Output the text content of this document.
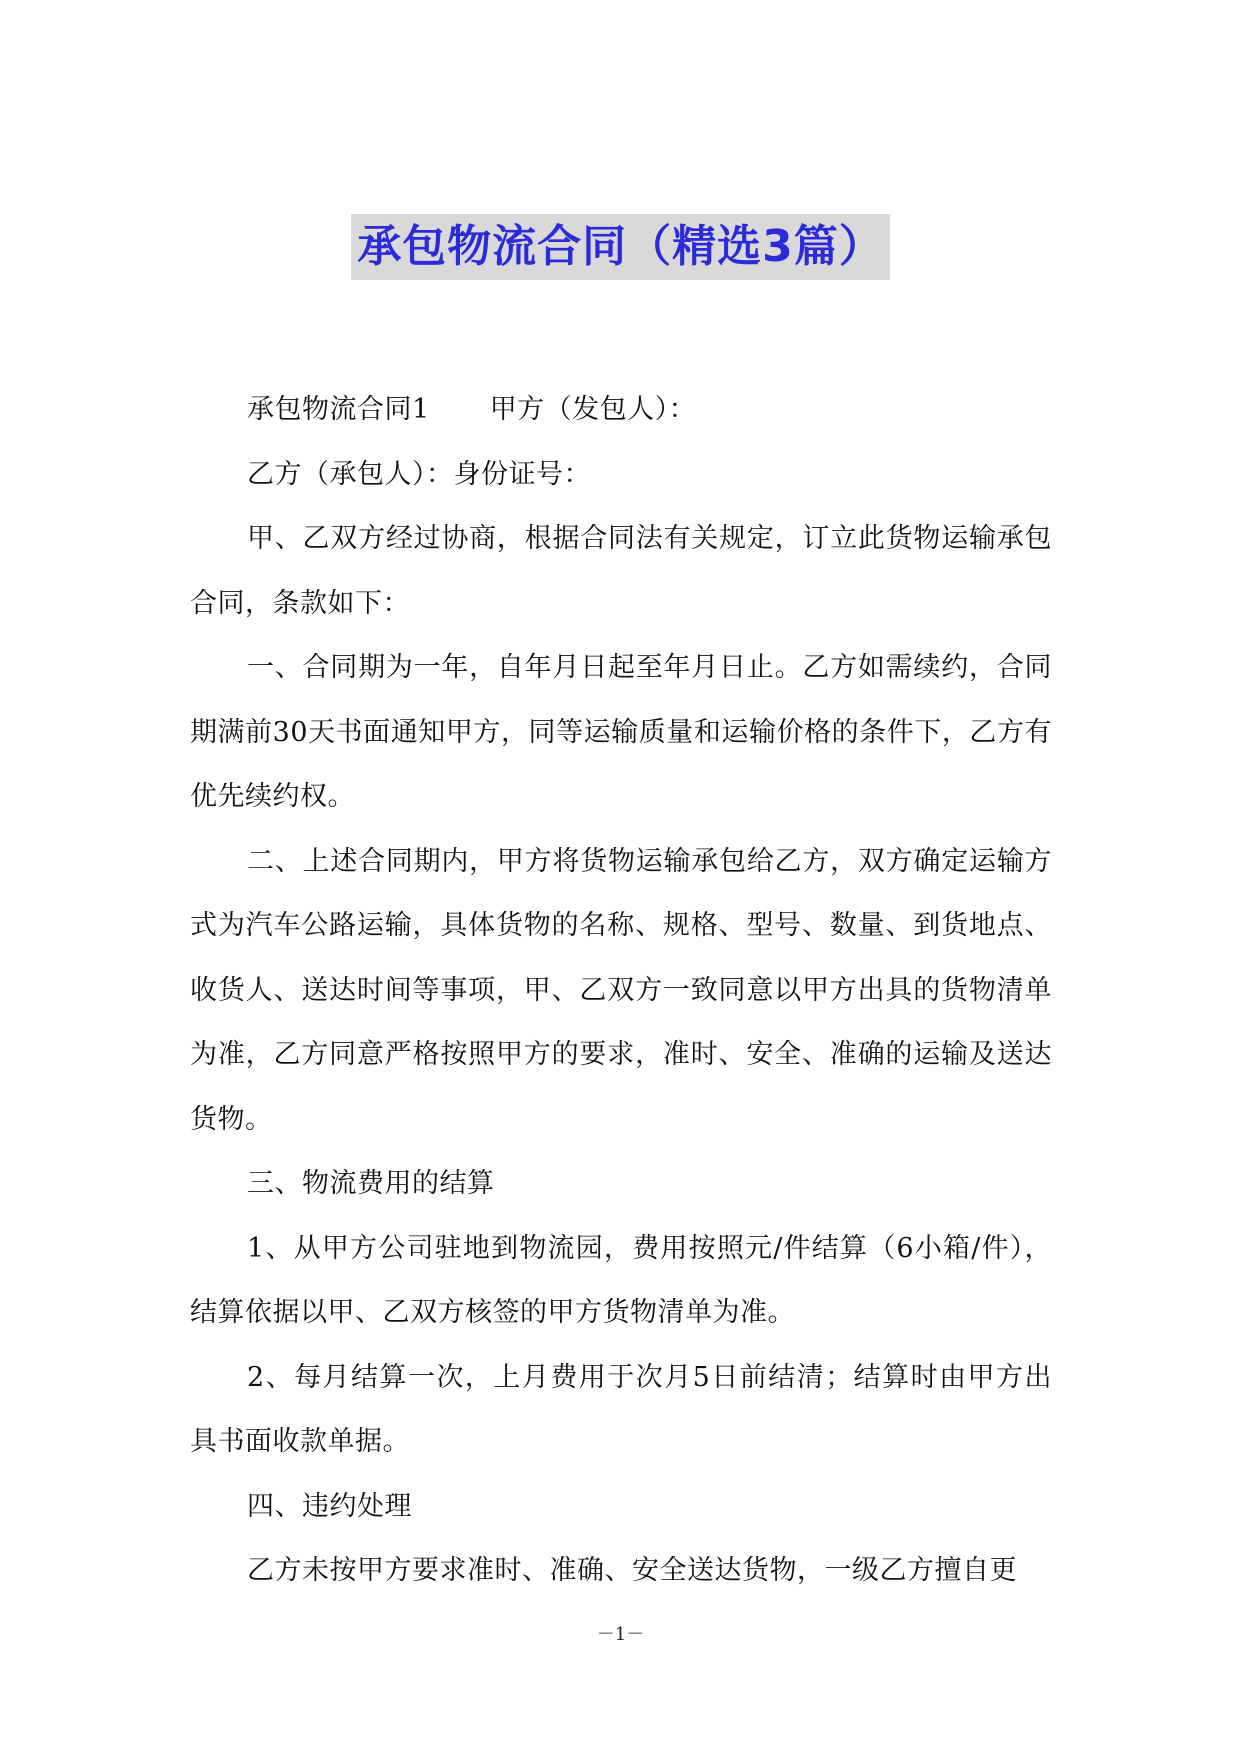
承包物流合同（精选3篇）

承包物流合同1 甲方（发包人）：

乙方（承包人）：身份证号：

甲、乙双方经过协商，根据合同法有关规定，订立此货物运输承包合同，条款如下：

一、合同期为一年，自年月日起至年月日止。乙方如需续约，合同期满前30天书面通知甲方，同等运输质量和运输价格的条件下，乙方有优先续约权。

二、上述合同期内，甲方将货物运输承包给乙方，双方确定运输方式为汽车公路运输，具体货物的名称、规格、型号、数量、到货地点、收货人、送达时间等事项，甲、乙双方一致同意以甲方出具的货物清单为准，乙方同意严格按照甲方的要求，准时、安全、准确的运输及送达货物。

三、物流费用的结算

1、从甲方公司驻地到物流园，费用按照元/件结算（6小箱/件），结算依据以甲、乙双方核签的甲方货物清单为准。

2、每月结算一次，上月费用于次月5日前结清；结算时由甲方出具书面收款单据。

四、违约处理

乙方未按甲方要求准时、准确、安全送达货物，一级乙方擅自更

－1－
